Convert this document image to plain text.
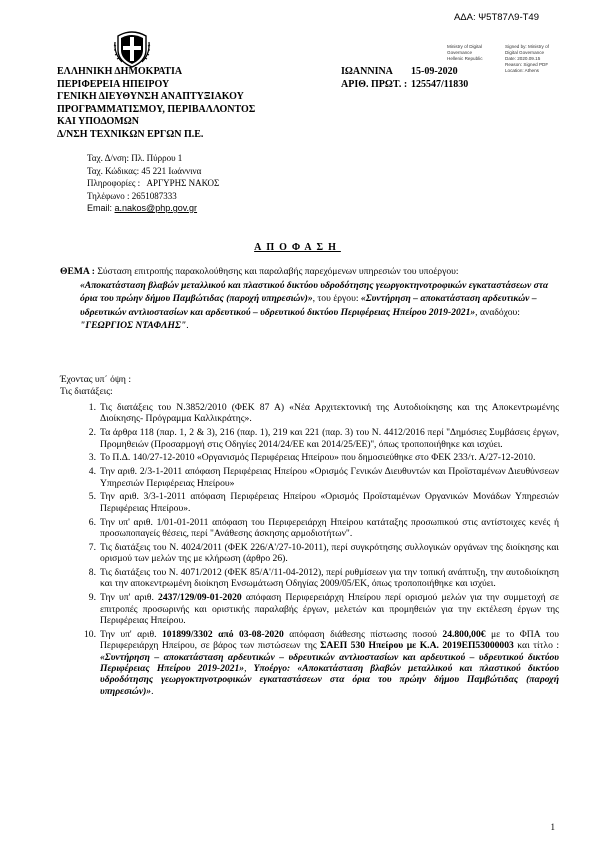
ΑΔΑ: Ψ5Τ87Λ9-Τ49
ΕΛΛΗΝΙΚΗ ΔΗΜΟΚΡΑΤΙΑ
ΠΕΡΙΦΕΡΕΙΑ ΗΠΕΙΡΟΥ
ΓΕΝΙΚΗ ΔΙΕΥΘΥΝΣΗ ΑΝΑΠΤΥΞΙΑΚΟΥ
ΠΡΟΓΡΑΜΜΑΤΙΣΜΟΥ, ΠΕΡΙΒΑΛΛΟΝΤΟΣ
ΚΑΙ ΥΠΟΔΟΜΩΝ
Δ/ΝΣΗ ΤΕΧΝΙΚΩΝ ΕΡΓΩΝ Π.Ε.
ΙΩΑΝΝΙΝΑ 15-09-2020
ΑΡΙΘ. ΠΡΩΤ. : 125547/11830
Ministry of Digital
Governance
Hellenic Republic
Signed by: Ministry of Digital Governance
Date: 2020.09.15
Reason: Signed PDF
Location: Athens
Ταχ. Δ/νση: Πλ. Πύρρου 1
Ταχ. Κώδικας: 45 221 Ιωάννινα
Πληροφορίες : ΑΡΓΥΡΗΣ ΝΑΚΟΣ
Τηλέφωνο : 2651087333
Email: a.nakos@php.gov.gr
ΑΠΟΦΑΣΗ
ΘΕΜΑ : Σύσταση επιτροπής παρακολούθησης και παραλαβής παρεχόμενων υπηρεσιών του υποέργου:
«Αποκατάσταση βλαβών μεταλλικού και πλαστικού δικτύου υδροδότησης γεωργοκτηνοτροφικών εγκαταστάσεων στα όρια του πρώην δήμου Παμβώτιδας (παροχή υπηρεσιών)», του έργου: «Συντήρηση – αποκατάσταση αρδευτικών – υδρευτικών αντλιοστασίων και αρδευτικού – υδρευτικού δικτύου Περιφέρειας Ηπείρου 2019-2021», αναδόχου: "ΓΕΩΡΓΙΟΣ ΝΤΑΦΛΗΣ".
Έχοντας υπ΄ όψη :
Τις διατάξεις:
1. Τις διατάξεις του Ν.3852/2010 (ΦΕΚ 87 Α) «Νέα Αρχιτεκτονική της Αυτοδιοίκησης και της Αποκεντρωμένης Διοίκησης- Πρόγραμμα Καλλικράτης».
2. Τα άρθρα 118 (παρ. 1, 2 & 3), 216 (παρ. 1), 219 και 221 (παρ. 3) του Ν. 4412/2016 περί ''Δημόσιες Συμβάσεις έργων, Προμηθειών (Προσαρμογή στις Οδηγίες 2014/24/ΕΕ και 2014/25/ΕΕ)'', όπως τροποποιήθηκε και ισχύει.
3. Το Π.Δ. 140/27-12-2010 «Οργανισμός Περιφέρειας Ηπείρου» που δημοσιεύθηκε στο ΦΕΚ 233/τ. Α/27-12-2010.
4. Την αριθ. 2/3-1-2011 απόφαση Περιφέρειας Ηπείρου «Ορισμός Γενικών Διευθυντών και Προϊσταμένων Διευθύνσεων Υπηρεσιών Περιφέρειας Ηπείρου»
5. Την αριθ. 3/3-1-2011 απόφαση Περιφέρειας Ηπείρου «Ορισμός Προϊσταμένων Οργανικών Μονάδων Υπηρεσιών Περιφέρειας Ηπείρου».
6. Την υπ' αριθ. 1/01-01-2011 απόφαση του Περιφερειάρχη Ηπείρου κατάταξης προσωπικού στις αντίστοιχες κενές ή προσωποπαγείς θέσεις, περί "Ανάθεσης άσκησης αρμοδιοτήτων".
7. Τις διατάξεις του Ν. 4024/2011 (ΦΕΚ 226/Α'/27-10-2011), περί συγκρότησης συλλογικών οργάνων της διοίκησης και ορισμού των μελών της με κλήρωση (άρθρο 26).
8. Τις διατάξεις του Ν. 4071/2012 (ΦΕΚ 85/Α'/11-04-2012), περί ρυθμίσεων για την τοπική ανάπτυξη, την αυτοδιοίκηση και την αποκεντρωμένη διοίκηση Ενσωμάτωση Οδηγίας 2009/05/ΕΚ, όπως τροποποιήθηκε και ισχύει.
9. Την υπ' αριθ. 2437/129/09-01-2020 απόφαση Περιφερειάρχη Ηπείρου περί ορισμού μελών για την συμμετοχή σε επιτροπές προσωρινής και οριστικής παραλαβής έργων, μελετών και προμηθειών για την εκτέλεση έργων της Περιφέρειας Ηπείρου.
10. Την υπ' αριθ. 101899/3302 από 03-08-2020 απόφαση διάθεσης πίστωσης ποσού 24.800,00€ με το ΦΠΑ του Περιφερειάρχη Ηπείρου, σε βάρος των πιστώσεων της ΣΑΕΠ 530 Ηπείρου με Κ.Α. 2019ΕΠ53000003 και τίτλο : «Συντήρηση – αποκατάσταση αρδευτικών – υδρευτικών αντλιοστασίων και αρδευτικού – υδρευτικού δικτύου Περιφέρειας Ηπείρου 2019-2021», Υποέργο: «Αποκατάσταση βλαβών μεταλλικού και πλαστικού δικτύου υδροδότησης γεωργοκτηνοτροφικών εγκαταστάσεων στα όρια του πρώην δήμου Παμβώτιδας (παροχή υπηρεσιών)».
1
